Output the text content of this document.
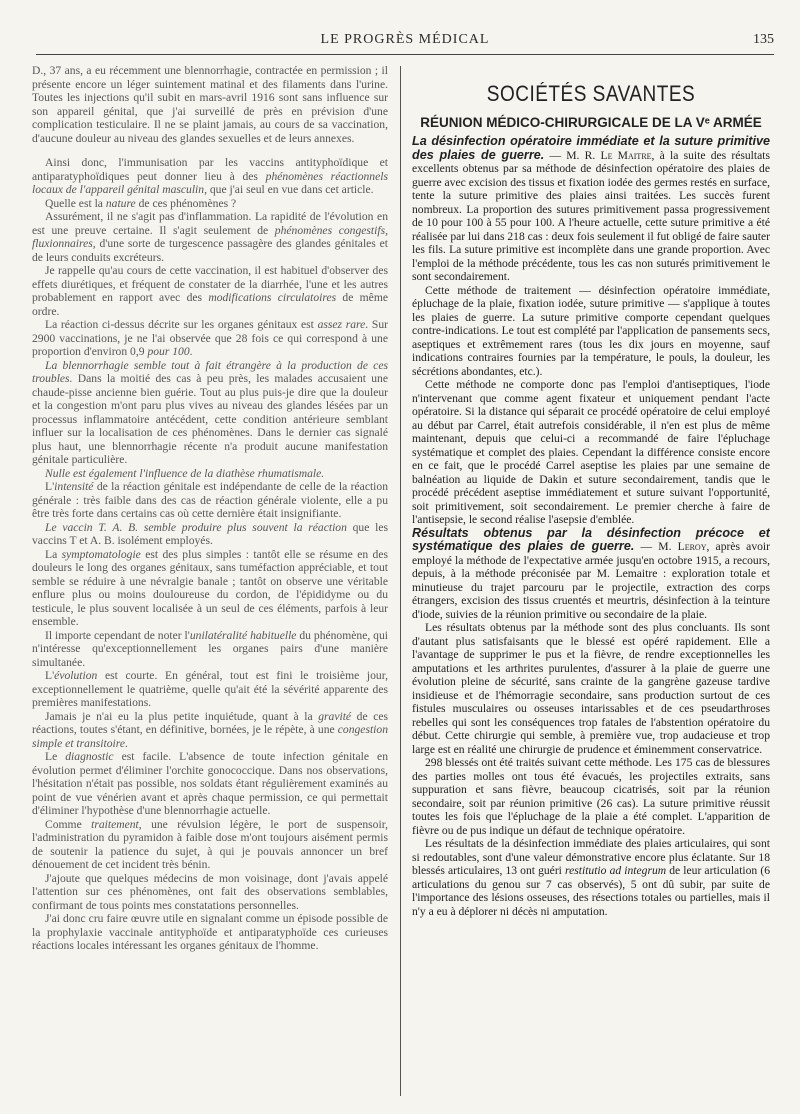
LE PROGRÈS MÉDICAL	135

D., 37 ans, a eu récemment une blennorrhagie, contractée en permission ; il présente encore un léger suintement matinal et des filaments dans l'urine. Toutes les injections qu'il subit en mars-avril 1916 sont sans influence sur son appareil génital, que j'ai surveillé de près en prévision d'une complication testiculaire. Il ne se plaint jamais, au cours de sa vaccination, d'aucune douleur au niveau des glandes sexuelles et de leurs annexes.

Ainsi donc, l'immunisation par les vaccins antityphoïdique et antiparatyphoïdiques peut donner lieu à des phénomènes réactionnels locaux de l'appareil génital masculin, que j'ai seul en vue dans cet article.

Quelle est la nature de ces phénomènes ?

Assurément, il ne s'agit pas d'inflammation. La rapidité de l'évolution en est une preuve certaine. Il s'agit seulement de phénomènes congestifs, fluxionnaires, d'une sorte de turgescence passagère des glandes génitales et de leurs conduits excréteurs.

Je rappelle qu'au cours de cette vaccination, il est habituel d'observer des effets diurétiques, et fréquent de constater de la diarrhée, l'une et les autres probablement en rapport avec des modifications circulatoires de même ordre.

La réaction ci-dessus décrite sur les organes génitaux est assez rare. Sur 2900 vaccinations, je ne l'ai observée que 28 fois ce qui correspond à une proportion d'environ 0,9 pour 100.

La blennorrhagie semble tout à fait étrangère à la production de ces troubles. Dans la moitié des cas à peu près, les malades accusaient une chaude-pisse ancienne bien guérie. Tout au plus puis-je dire que la douleur et la congestion m'ont paru plus vives au niveau des glandes lésées par un processus inflammatoire antécédent, cette condition antérieure semblant influer sur la localisation de ces phénomènes. Dans le dernier cas signalé plus haut, une blennorrhagie récente n'a produit aucune manifestation génitale particulière.

Nulle est également l'influence de la diathèse rhumatismale.

L'intensité de la réaction génitale est indépendante de celle de la réaction générale : très faible dans des cas de réaction générale violente, elle a pu être très forte dans certains cas où cette dernière était insignifiante.

Le vaccin T. A. B. semble produire plus souvent la réaction que les vaccins T et A. B. isolément employés.

La symptomatologie est des plus simples : tantôt elle se résume en des douleurs le long des organes génitaux, sans tuméfaction appréciable, et tout semble se réduire à une névralgie banale ; tantôt on observe une véritable enflure plus ou moins douloureuse du cordon, de l'épididyme ou du testicule, le plus souvent localisée à un seul de ces éléments, parfois à leur ensemble.

Il importe cependant de noter l'unilatéralité habituelle du phénomène, qui n'intéresse qu'exceptionnellement les organes pairs d'une manière simultanée.

L'évolution est courte. En général, tout est fini le troisième jour, exceptionnellement le quatrième, quelle qu'ait été la sévérité apparente des premières manifestations.

Jamais je n'ai eu la plus petite inquiétude, quant à la gravité de ces réactions, toutes s'étant, en définitive, bornées, je le répète, à une congestion simple et transitoire.

Le diagnostic est facile. L'absence de toute infection génitale en évolution permet d'éliminer l'orchite gonococcique. Dans nos observations, l'hésitation n'était pas possible, nos soldats étant régulièrement examinés au point de vue vénérien avant et après chaque permission, ce qui permettait d'éliminer l'hypothèse d'une blennorrhagie actuelle.

Comme traitement, une révulsion légère, le port de suspensoir, l'administration du pyramidon à faible dose m'ont toujours aisément permis de soutenir la patience du sujet, à qui je pouvais annoncer un bref dénouement de cet incident très bénin.

J'ajoute que quelques médecins de mon voisinage, dont j'avais appelé l'attention sur ces phénomènes, ont fait des observations semblables, confirmant de tous points mes constatations personnelles.

J'ai donc cru faire œuvre utile en signalant comme un épisode possible de la prophylaxie vaccinale antityphoïde et antiparatyphoïde ces curieuses réactions locales intéressant les organes génitaux de l'homme.

SOCIÉTÉS SAVANTES
RÉUNION MÉDICO-CHIRURGICALE DE LA Vᵉ ARMÉE

La désinfection opératoire immédiate et la suture primitive des plaies de guerre. — M. R. Le Maitre, à la suite des résultats excellents obtenus par sa méthode de désinfection opératoire des plaies de guerre avec excision des tissus et fixation iodée des germes restés en surface, tente la suture primitive des plaies ainsi traitées. Les succès furent nombreux. La proportion des sutures primitivement passa progressivement de 10 pour 100 à 55 pour 100. A l'heure actuelle, cette suture primitive a été réalisée par lui dans 218 cas : deux fois seulement il fut obligé de faire sauter les fils. La suture primitive est incomplète dans une grande proportion. Avec l'emploi de la méthode précédente, tous les cas non suturés primitivement le sont secondairement.

Cette méthode de traitement — désinfection opératoire immédiate, épluchage de la plaie, fixation iodée, suture primitive — s'applique à toutes les plaies de guerre. La suture primitive comporte cependant quelques contre-indications. Le tout est complété par l'application de pansements secs, aseptiques et extrêmement rares (tous les dix jours en moyenne, sauf indications contraires fournies par la température, le pouls, la douleur, les sécrétions abondantes, etc.).

Cette méthode ne comporte donc pas l'emploi d'antiseptiques, l'iode n'intervenant que comme agent fixateur et uniquement pendant l'acte opératoire. Si la distance qui séparait ce procédé opératoire de celui employé au début par Carrel, était autrefois considérable, il n'en est plus de même maintenant, depuis que celui-ci a recommandé de faire l'épluchage systématique et complet des plaies. Cependant la différence consiste encore en ce fait, que le procédé Carrel aseptise les plaies par une semaine de balnéation au liquide de Dakin et suture secondairement, tandis que le procédé précédent aseptise immédiatement et suture suivant l'opportunité, soit primitivement, soit secondairement. Le premier cherche à faire de l'antisepsie, le second réalise l'asepsie d'emblée.

Résultats obtenus par la désinfection précoce et systématique des plaies de guerre. — M. Leroy, après avoir employé la méthode de l'expectative armée jusqu'en octobre 1915, a recours, depuis, à la méthode préconisée par M. Lemaitre : exploration totale et minutieuse du trajet parcouru par le projectile, extraction des corps étrangers, excision des tissus cruentés et meurtris, désinfection à la teinture d'iode, suivies de la réunion primitive ou secondaire de la plaie.

Les résultats obtenus par la méthode sont des plus concluants. Ils sont d'autant plus satisfaisants que le blessé est opéré rapidement. Elle a l'avantage de supprimer le pus et la fièvre, de rendre exceptionnelles les amputations et les arthrites purulentes, d'assurer à la plaie de guerre une évolution pleine de sécurité, sans crainte de la gangrène gazeuse tardive insidieuse et de l'hémorragie secondaire, sans production surtout de ces fistules musculaires ou osseuses intarissables et de ces pseudarthroses rebelles qui sont les conséquences trop fatales de l'abstention opératoire du début. Cette chirurgie qui semble, à première vue, trop audacieuse et trop large est en réalité une chirurgie de prudence et éminemment conservatrice.

298 blessés ont été traités suivant cette méthode. Les 175 cas de blessures des parties molles ont tous été évacués, les projectiles extraits, sans suppuration et sans fièvre, beaucoup cicatrisés, soit par la réunion secondaire, soit par réunion primitive (26 cas). La suture primitive réussit toutes les fois que l'épluchage de la plaie a été complet. L'apparition de fièvre ou de pus indique un défaut de technique opératoire.

Les résultats de la désinfection immédiate des plaies articulaires, qui sont si redoutables, sont d'une valeur démonstrative encore plus éclatante. Sur 18 blessés articulaires, 13 ont guéri restitutio ad integrum de leur articulation (6 articulations du genou sur 7 cas observés), 5 ont dû subir, par suite de l'importance des lésions osseuses, des résections totales ou partielles, mais il n'y a eu à déplorer ni décès ni amputation.
